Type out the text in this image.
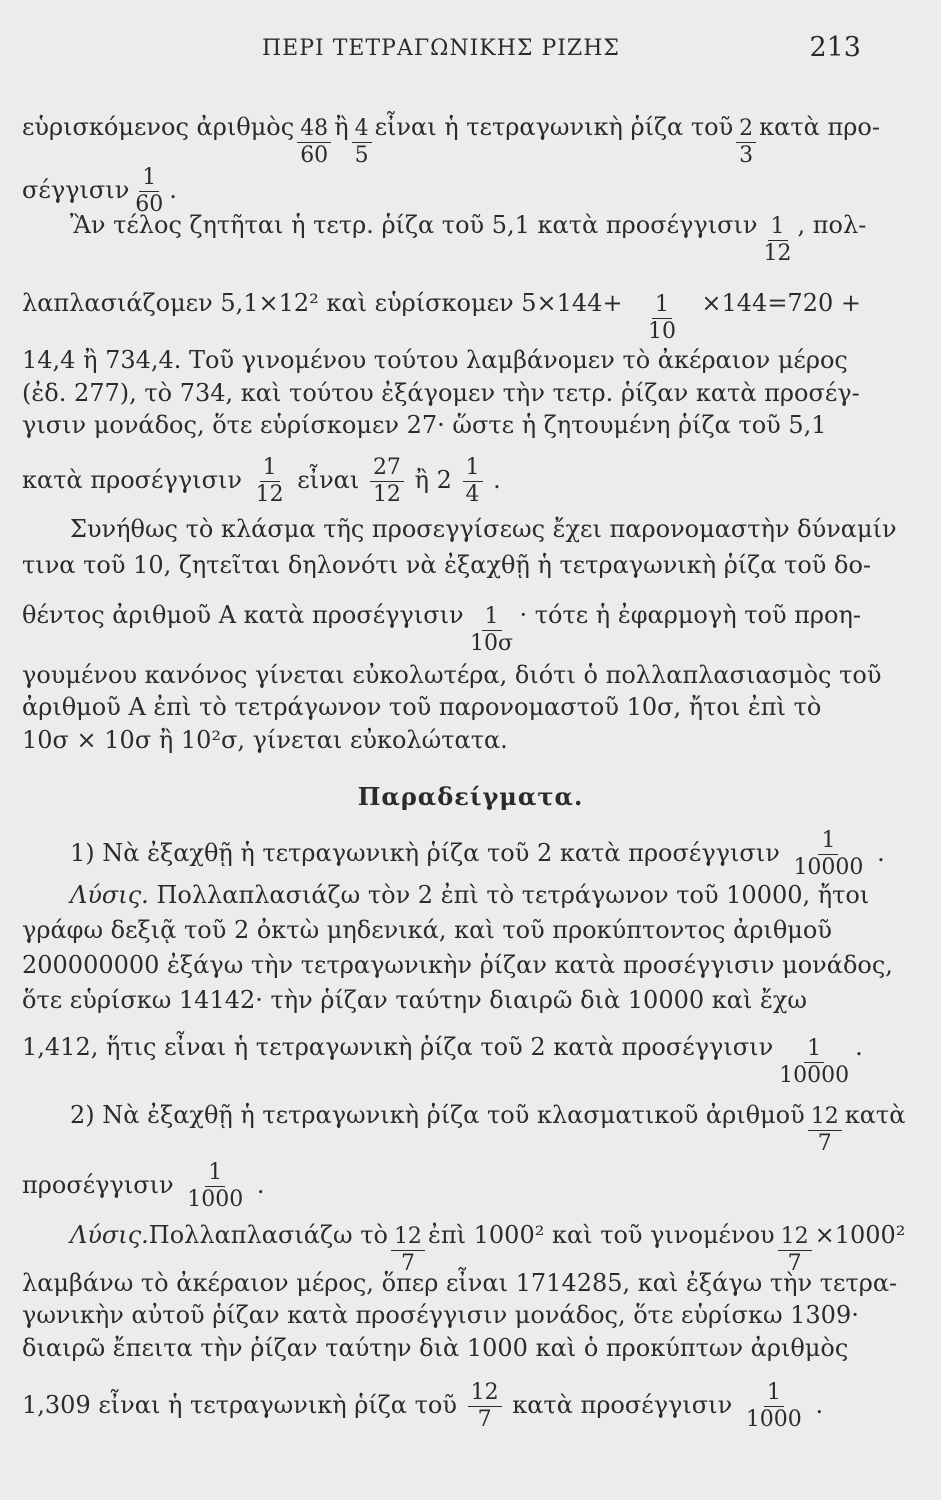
ΠΕΡΙ ΤΕΤΡΑΓΩΝΙΚΗΣ ΡΙΖΗΣ	213
εὑρισκόμενος ἀριθμὸς $\frac{48}{60}$ ἢ $\frac{4}{5}$ εἶναι ἡ τετραγωνικὴ ῥίζα τοῦ $\frac{2}{3}$ κατὰ προ-
σέγγισιν $\frac{1}{60}$ .
Ἂν τέλος ζητῆται ἡ τετρ. ῥίζα τοῦ 5,1 κατὰ προσέγγισιν $\frac{1}{12}$ , πολ-
λαπλασιάζομεν 5,1×12² καὶ εὑρίσκομεν $5\times 144+ \frac{1}{10} \times 144=720$ +
14,4 ἢ 734,4. Τοῦ γινομένου τούτου λαμβάνομεν τὸ ἀκέραιον μέρος
(ἐδ. 277), τὸ 734, καὶ τούτου ἐξάγομεν τὴν τετρ. ῥίζαν κατὰ προσέγ-
γισιν μονάδος, ὅτε εὑρίσκομεν 27· ὥστε ἡ ζητουμένη ῥίζα τοῦ 5,1
κατὰ προσέγγισιν $\frac{1}{12}$ εἶναι $\frac{27}{12}$ ἢ $2 \frac{1}{4}$ .
Συνήθως τὸ κλάσμα τῆς προσεγγίσεως ἔχει παρονομαστὴν δύναμίν
τινα τοῦ 10, ζητεῖται δηλονότι νὰ ἐξαχθῇ ἡ τετραγωνικὴ ῥίζα τοῦ δο-
θέντος ἀριθμοῦ Α κατὰ προσέγγισιν $\frac{1}{10\sigma} \cdot \tau ό\tau\varepsilon$ ἡ ἐφαρμογὴ τοῦ προη-
γουμένου κανόνος γίνεται εὐκολωτέρα, διότι ὁ πολλαπλασιασμὸς τοῦ
ἀριθμοῦ Α ἐπὶ τὸ τετράγωνον τοῦ παρονομαστοῦ 10σ, ἤτοι ἐπὶ τὸ
10σ × 10σ ἢ 10²σ, γίνεται εὐκολώτατα.
Παραδείγματα.
1) Νὰ ἐξαχθῇ ἡ τετραγωνικὴ ῥίζα τοῦ 2 κατὰ προσέγγισιν $\frac{1}{10000}$ .
Λύσις. Πολλαπλασιάζω τὸν 2 ἐπὶ τὸ τετράγωνον τοῦ 10000, ἤτοι
γράφω δεξιᾷ τοῦ 2 ὀκτὼ μηδενικά, καὶ τοῦ προκύπτοντος ἀριθμοῦ
200000000 ἐξάγω τὴν τετραγωνικὴν ῥίζαν κατὰ προσέγγισιν μονάδος,
ὅτε εὑρίσκω 14142· τὴν ῥίζαν ταύτην διαιρῶ διὰ 10000 καὶ ἔχω
1,412, ἥτις εἶναι ἡ τετραγωνικὴ ῥίζα τοῦ 2 κατὰ προσέγγισιν $\frac{1}{10000}$ .
2) Νὰ ἐξαχθῇ ἡ τετραγωνικὴ ῥίζα τοῦ κλασματικοῦ ἀριθμοῦ $\frac{12}{7}$ κατὰ
προσέγγισιν $\frac{1}{1000}$ .
Λύσις. Πολλαπλασιάζω τὸ $\frac{12}{7}$ ἐπὶ 1000² καὶ τοῦ γινομένου $\frac{12}{7} \times 1000^2$
λαμβάνω τὸ ἀκέραιον μέρος, ὅπερ εἶναι 1714285, καὶ ἐξάγω τὴν τετρα-
γωνικὴν αὐτοῦ ῥίζαν κατὰ προσέγγισιν μονάδος, ὅτε εὑρίσκω 1309·
διαιρῶ ἔπειτα τὴν ῥίζαν ταύτην διὰ 1000 καὶ ὁ προκύπτων ἀριθμὸς
1,309 εἶναι ἡ τετραγωνικὴ ῥίζα τοῦ $\frac{12}{7}$ κατὰ προσέγγισιν $\frac{1}{1000}$ .
